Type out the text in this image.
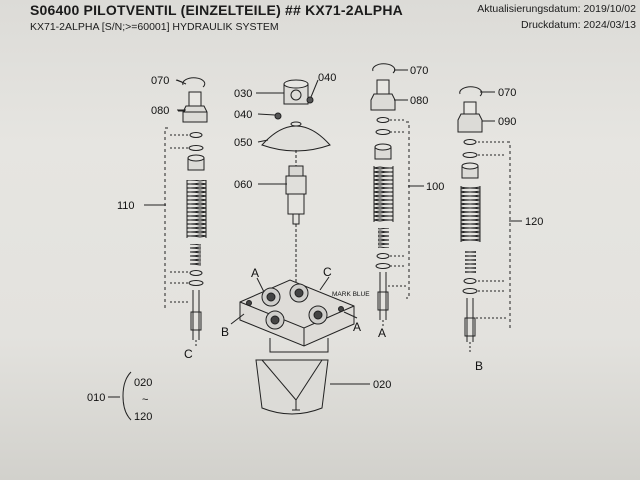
S06400 PILOTVENTIL (EINZELTEILE) ## KX71-2ALPHA
KX71-2ALPHA [S/N;>=60001] HYDRAULIK SYSTEM
Aktualisierungsdatum: 2019/10/02
Druckdatum: 2024/03/13
070
080
030
040
040
050
060
070
080
070
090
110
100
120
020
010
020
~
120
A	C
B	A
C
A
B
MARK BLUE
